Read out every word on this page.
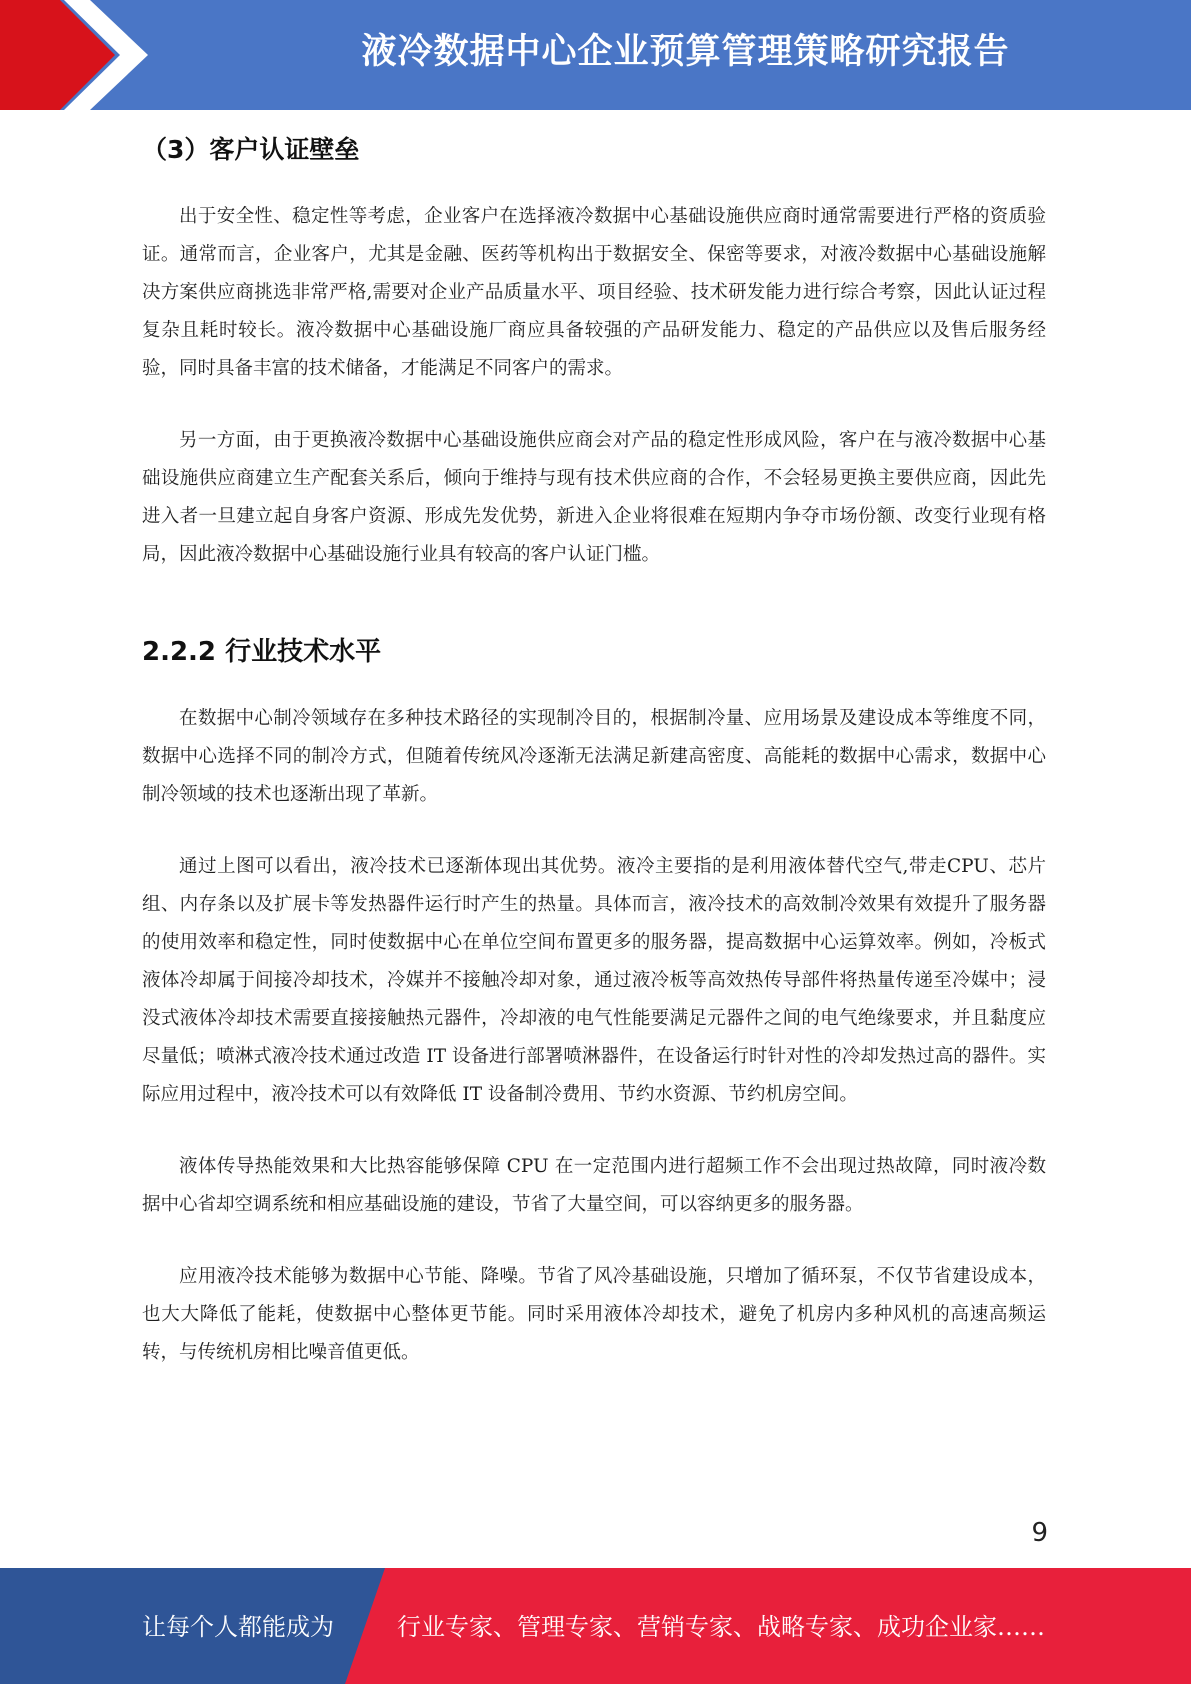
液冷数据中心企业预算管理策略研究报告
（3）客户认证壁垒

出于安全性、稳定性等考虑，企业客户在选择液冷数据中心基础设施供应商时通常需要进行严格的资质验证。通常而言，企业客户，尤其是金融、医药等机构出于数据安全、保密等要求，对液冷数据中心基础设施解决方案供应商挑选非常严格,需要对企业产品质量水平、项目经验、技术研发能力进行综合考察，因此认证过程复杂且耗时较长。液冷数据中心基础设施厂商应具备较强的产品研发能力、稳定的产品供应以及售后服务经验，同时具备丰富的技术储备，才能满足不同客户的需求。

另一方面，由于更换液冷数据中心基础设施供应商会对产品的稳定性形成风险，客户在与液冷数据中心基础设施供应商建立生产配套关系后，倾向于维持与现有技术供应商的合作，不会轻易更换主要供应商，因此先进入者一旦建立起自身客户资源、形成先发优势，新进入企业将很难在短期内争夺市场份额、改变行业现有格局，因此液冷数据中心基础设施行业具有较高的客户认证门槛。

2.2.2 行业技术水平

在数据中心制冷领域存在多种技术路径的实现制冷目的，根据制冷量、应用场景及建设成本等维度不同，数据中心选择不同的制冷方式，但随着传统风冷逐渐无法满足新建高密度、高能耗的数据中心需求，数据中心制冷领域的技术也逐渐出现了革新。

通过上图可以看出，液冷技术已逐渐体现出其优势。液冷主要指的是利用液体替代空气,带走CPU、芯片组、内存条以及扩展卡等发热器件运行时产生的热量。具体而言，液冷技术的高效制冷效果有效提升了服务器的使用效率和稳定性，同时使数据中心在单位空间布置更多的服务器，提高数据中心运算效率。例如，冷板式液体冷却属于间接冷却技术，冷媒并不接触冷却对象，通过液冷板等高效热传导部件将热量传递至冷媒中；浸没式液体冷却技术需要直接接触热元器件，冷却液的电气性能要满足元器件之间的电气绝缘要求，并且黏度应尽量低；喷淋式液冷技术通过改造 IT 设备进行部署喷淋器件，在设备运行时针对性的冷却发热过高的器件。实际应用过程中，液冷技术可以有效降低 IT 设备制冷费用、节约水资源、节约机房空间。

液体传导热能效果和大比热容能够保障 CPU 在一定范围内进行超频工作不会出现过热故障，同时液冷数据中心省却空调系统和相应基础设施的建设，节省了大量空间，可以容纳更多的服务器。

应用液冷技术能够为数据中心节能、降噪。节省了风冷基础设施，只增加了循环泵，不仅节省建设成本，也大大降低了能耗，使数据中心整体更节能。同时采用液体冷却技术，避免了机房内多种风机的高速高频运转，与传统机房相比噪音值更低。

9
让每个人都能成为	行业专家、管理专家、营销专家、战略专家、成功企业家……
